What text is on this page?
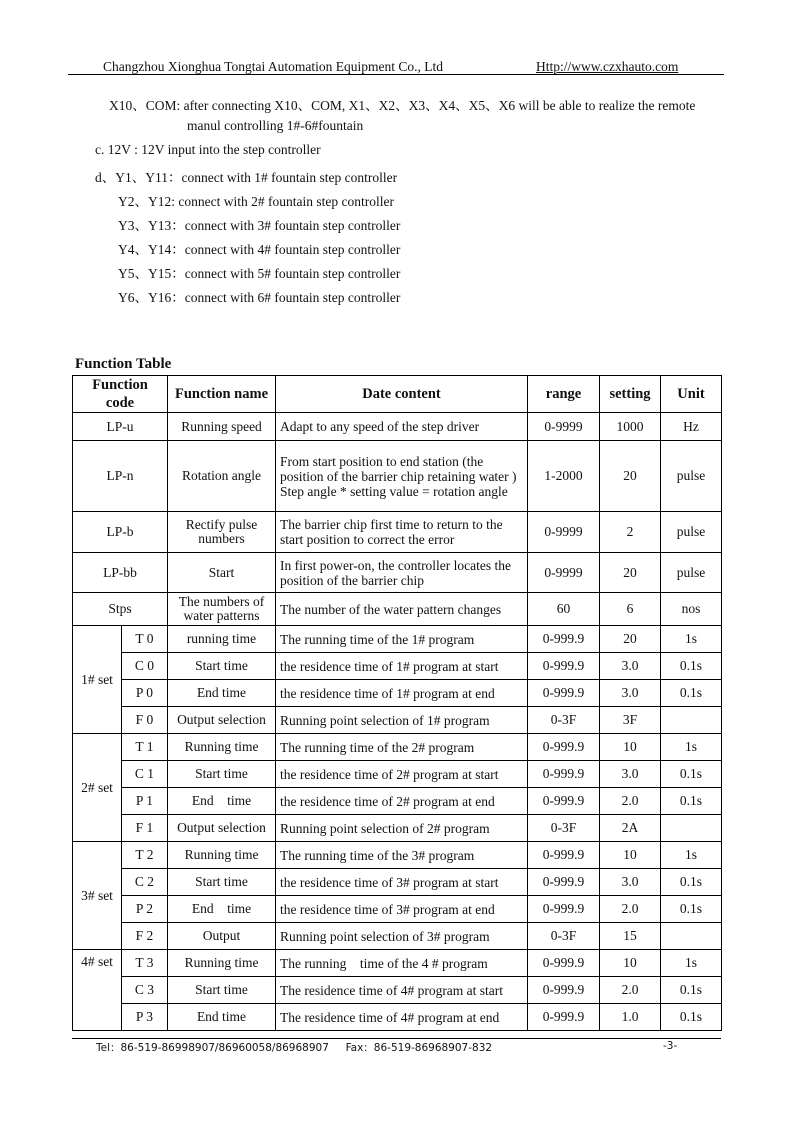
Changzhou Xionghua Tongtai Automation Equipment Co., Ltd	Http://www.czxhauto.com
X10、COM: after connecting X10、COM, X1、X2、X3、X4、X5、X6 will be able to realize the remote
manul controlling 1#-6#fountain
c. 12V : 12V input into the step controller
d、Y1、Y11：connect with 1# fountain step controller
Y2、Y12: connect with 2# fountain step controller
Y3、Y13：connect with 3# fountain step controller
Y4、Y14：connect with 4# fountain step controller
Y5、Y15：connect with 5# fountain step controller
Y6、Y16：connect with 6# fountain step controller
Function Table
Function code		Function name	Date content	range	setting	Unit
LP-u		Running speed	Adapt to any speed of the step driver	0-9999	1000	Hz
LP-n		Rotation angle	From start position to end station (the position of the barrier chip retaining water ) Step angle * setting value = rotation angle	1-2000	20	pulse
LP-b		Rectify pulse numbers	The barrier chip first time to return to the start position to correct the error	0-9999	2	pulse
LP-bb		Start	In first power-on, the controller locates the position of the barrier chip	0-9999	20	pulse
Stps		The numbers of water patterns	The number of the water pattern changes	60	6	nos
1# set	T 0	running time	The running time of the 1# program	0-999.9	20	1s
	C 0	Start time	the residence time of 1# program at start	0-999.9	3.0	0.1s
	P 0	End time	the residence time of 1# program at end	0-999.9	3.0	0.1s
	F 0	Output selection	Running point selection of 1# program	0-3F	3F	
2# set	T 1	Running time	The running time of the 2# program	0-999.9	10	1s
	C 1	Start time	the residence time of 2# program at start	0-999.9	3.0	0.1s
	P 1	End    time	the residence time of 2# program at end	0-999.9	2.0	0.1s
	F 1	Output selection	Running point selection of 2# program	0-3F	2A	
3# set	T 2	Running time	The running time of the 3# program	0-999.9	10	1s
	C 2	Start time	the residence time of 3# program at start	0-999.9	3.0	0.1s
	P 2	End    time	the residence time of 3# program at end	0-999.9	2.0	0.1s
	F 2	Output	Running point selection of 3# program	0-3F	15	
4# set	T 3	Running time	The running    time of the 4 # program	0-999.9	10	1s
	C 3	Start time	The residence time of 4# program at start	0-999.9	2.0	0.1s
	P 3	End time	The residence time of 4# program at end	0-999.9	1.0	0.1s
Tel：86-519-86998907/86960058/86968907     Fax：86-519-86968907-832	-3-
